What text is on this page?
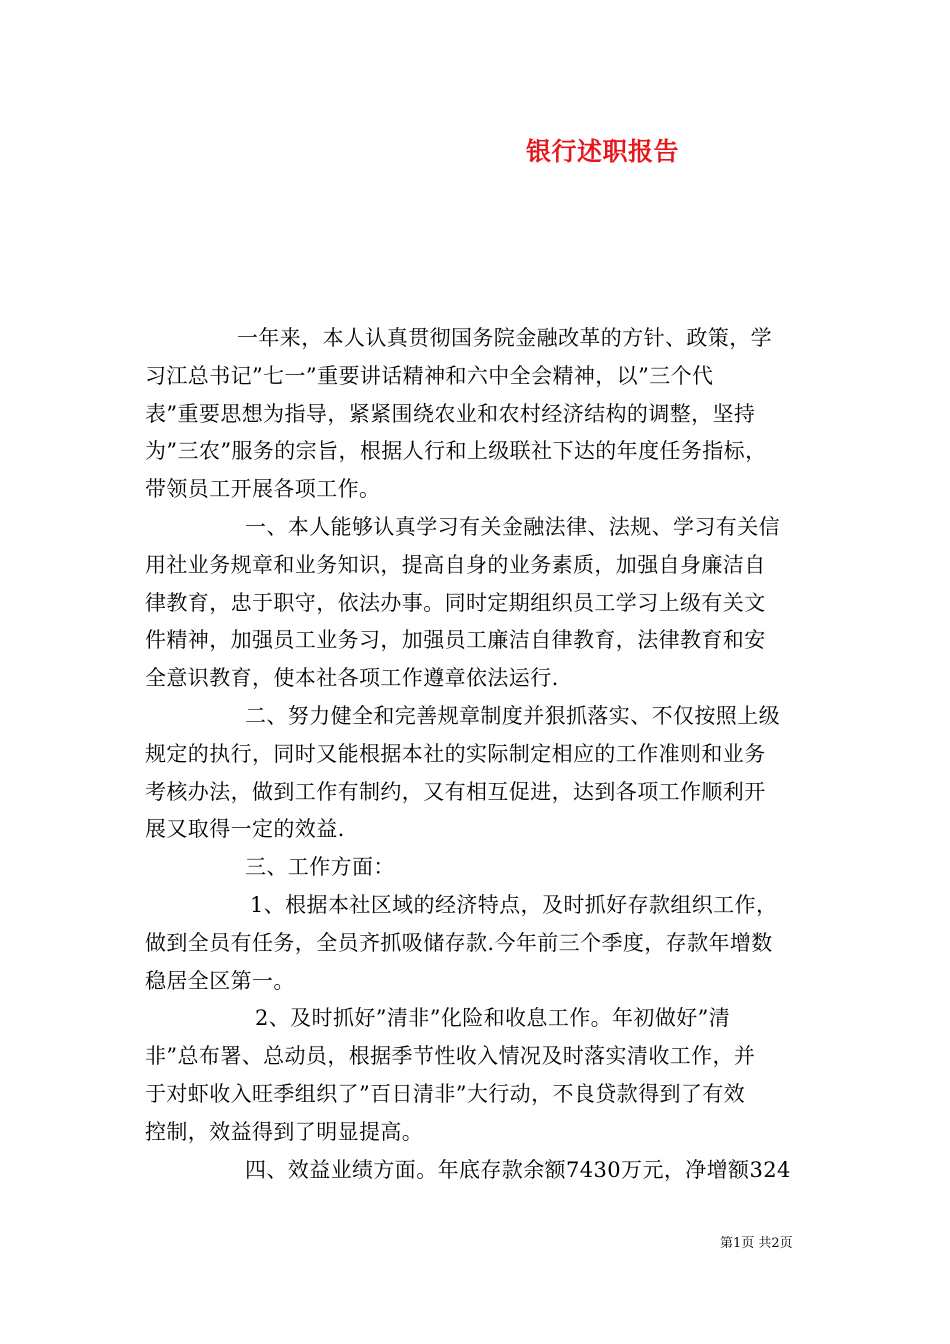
银行述职报告
一年来，本人认真贯彻国务院金融改革的方针、政策，学
习江总书记”七一”重要讲话精神和六中全会精神，以”三个代
表”重要思想为指导，紧紧围绕农业和农村经济结构的调整，坚持
为”三农”服务的宗旨，根据人行和上级联社下达的年度任务指标，
带领员工开展各项工作。
一、本人能够认真学习有关金融法律、法规、学习有关信
用社业务规章和业务知识，提高自身的业务素质，加强自身廉洁自
律教育，忠于职守，依法办事。同时定期组织员工学习上级有关文
件精神，加强员工业务习，加强员工廉洁自律教育，法律教育和安
全意识教育，使本社各项工作遵章依法运行.
二、努力健全和完善规章制度并狠抓落实、不仅按照上级
规定的执行，同时又能根据本社的实际制定相应的工作准则和业务
考核办法，做到工作有制约，又有相互促进，达到各项工作顺利开
展又取得一定的效益.
三、工作方面：
1、根据本社区域的经济特点，及时抓好存款组织工作，
做到全员有任务，全员齐抓吸储存款.今年前三个季度，存款年增数
稳居全区第一。
2、及时抓好”清非”化险和收息工作。年初做好”清
非”总布署、总动员，根据季节性收入情况及时落实清收工作，并
于对虾收入旺季组织了”百日清非”大行动，不良贷款得到了有效
控制，效益得到了明显提高。
四、效益业绩方面。年底存款余额7430万元，净增额324
第1页 共2页
